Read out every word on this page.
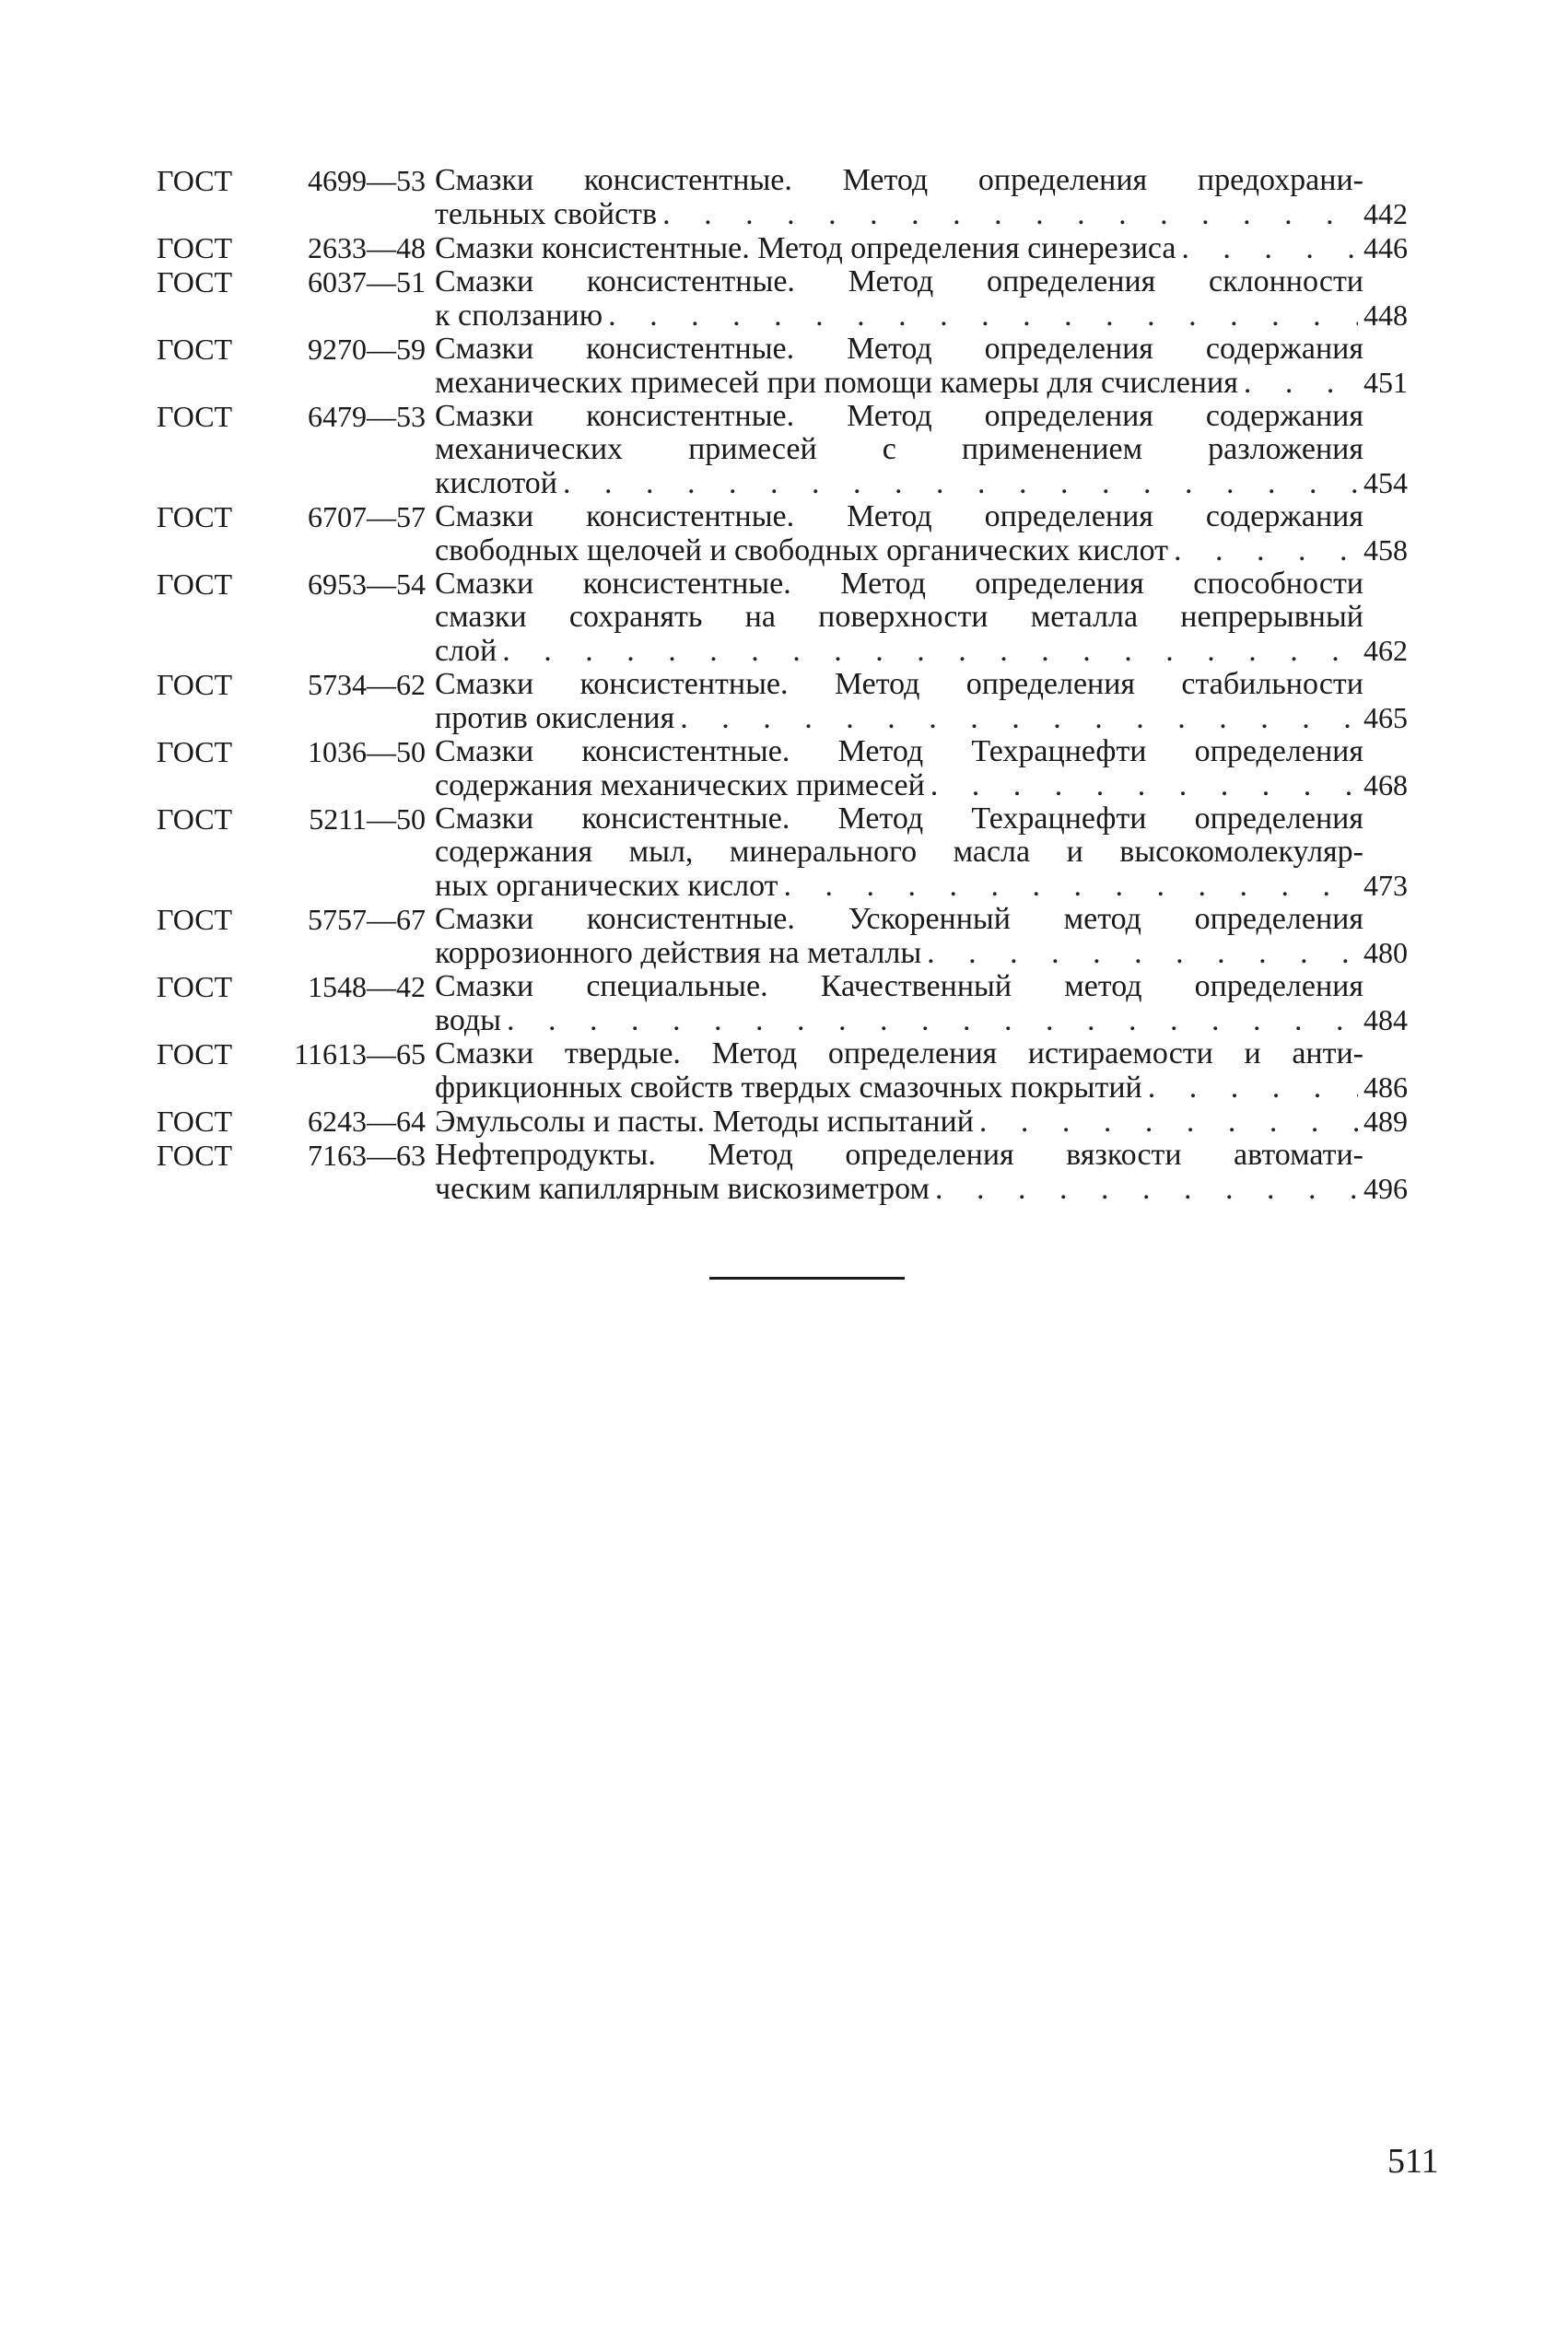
ГОСТ	4699—53 Смазки консистентные. Метод определения предохрани-
тельных свойств . . .	442
ГОСТ	2633—48 Смазки консистентные. Метод определения синерезиса . . .	446
ГОСТ	6037—51 Смазки консистентные. Метод определения склонности
к сползанию . . .	448
ГОСТ	9270—59 Смазки консистентные. Метод определения содержания
механических примесей при помощи камеры для счисления . . .	451
ГОСТ	6479—53 Смазки консистентные. Метод определения содержания
механических примесей с применением разложения
кислотой . . .	454
ГОСТ	6707—57 Смазки консистентные. Метод определения содержания
свободных щелочей и свободных органических кислот . . .	458
ГОСТ	6953—54 Смазки консистентные. Метод определения способности
смазки сохранять на поверхности металла непрерывный
слой . . .	462
ГОСТ	5734—62 Смазки консистентные. Метод определения стабильности
против окисления . . .	465
ГОСТ	1036—50 Смазки консистентные. Метод Техрацнефти определения
содержания механических примесей . . .	468
ГОСТ	5211—50 Смазки консистентные. Метод Техрацнефти определения
содержания мыл, минерального масла и высокомолекуляр-
ных органических кислот . . .	473
ГОСТ	5757—67 Смазки консистентные. Ускоренный метод определения
коррозионного действия на металлы . . .	480
ГОСТ	1548—42 Смазки специальные. Качественный метод определения
воды . . .	484
ГОСТ	11613—65 Смазки твердые. Метод определения истираемости и анти-
фрикционных свойств твердых смазочных покрытий . . .	486
ГОСТ	6243—64 Эмульсолы и пасты. Методы испытаний . . .	489
ГОСТ	7163—63 Нефтепродукты. Метод определения вязкости автомати-
ческим капиллярным вискозиметром . . .	496
511
